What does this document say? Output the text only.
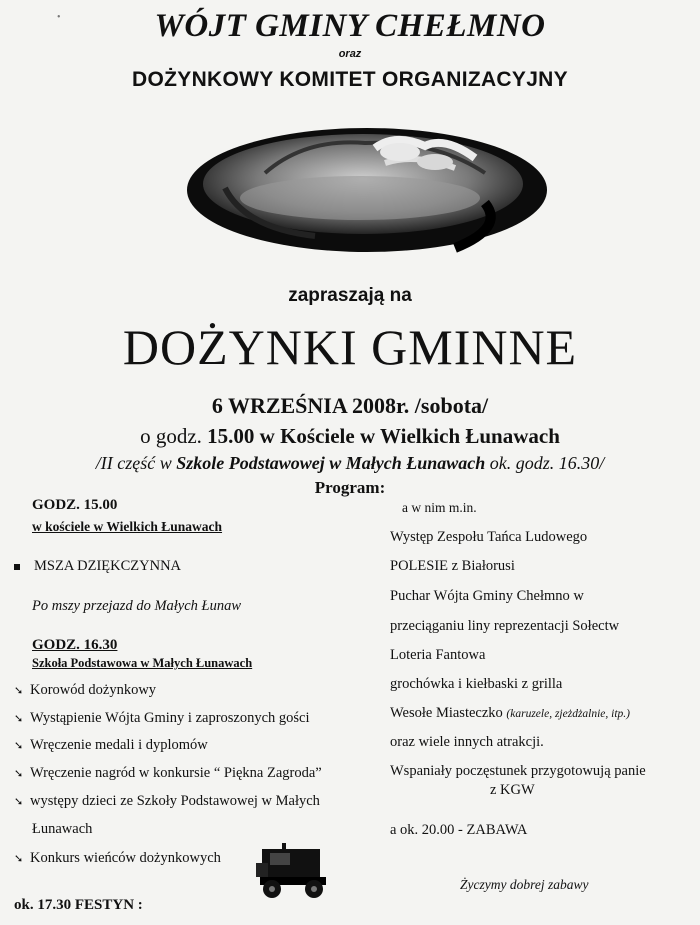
•	WÓJT GMINY CHEŁMNO
oraz
DOŻYNKOWY KOMITET ORGANIZACYJNY
zapraszają na
DOŻYNKI GMINNE
6 WRZEŚNIA 2008r. /sobota/
o godz. 15.00 w Kościele w Wielkich Łunawach
/II część w Szkole Podstawowej w Małych Łunawach ok. godz. 16.30/
Program:
GODZ. 15.00
w kościele w Wielkich Łunawach
MSZA DZIĘKCZYNNA
Po mszy przejazd do Małych Łunaw
GODZ. 16.30
Szkoła Podstawowa w Małych Łunawach
➘ Korowód dożynkowy
➘ Wystąpienie Wójta Gminy i zaproszonych gości
➘ Wręczenie medali i dyplomów
➘ Wręczenie nagród w konkursie “ Piękna Zagroda”
➘ występy dzieci ze Szkoły Podstawowej w Małych
Łunawach
➘ Konkurs wieńców dożynkowych
ok. 17.30 FESTYN :
a w nim m.in.
Występ Zespołu Tańca Ludowego
POLESIE z Białorusi
Puchar Wójta Gminy Chełmno w
przeciąganiu liny reprezentacji Sołectw
Loteria Fantowa
grochówka i kiełbaski z grilla
Wesołe Miasteczko (karuzele, zjeżdżalnie, itp.)
oraz wiele innych atrakcji.
Wspaniały poczęstunek przygotowują panie
z KGW
a ok. 20.00 - ZABAWA
Życzymy dobrej zabawy
